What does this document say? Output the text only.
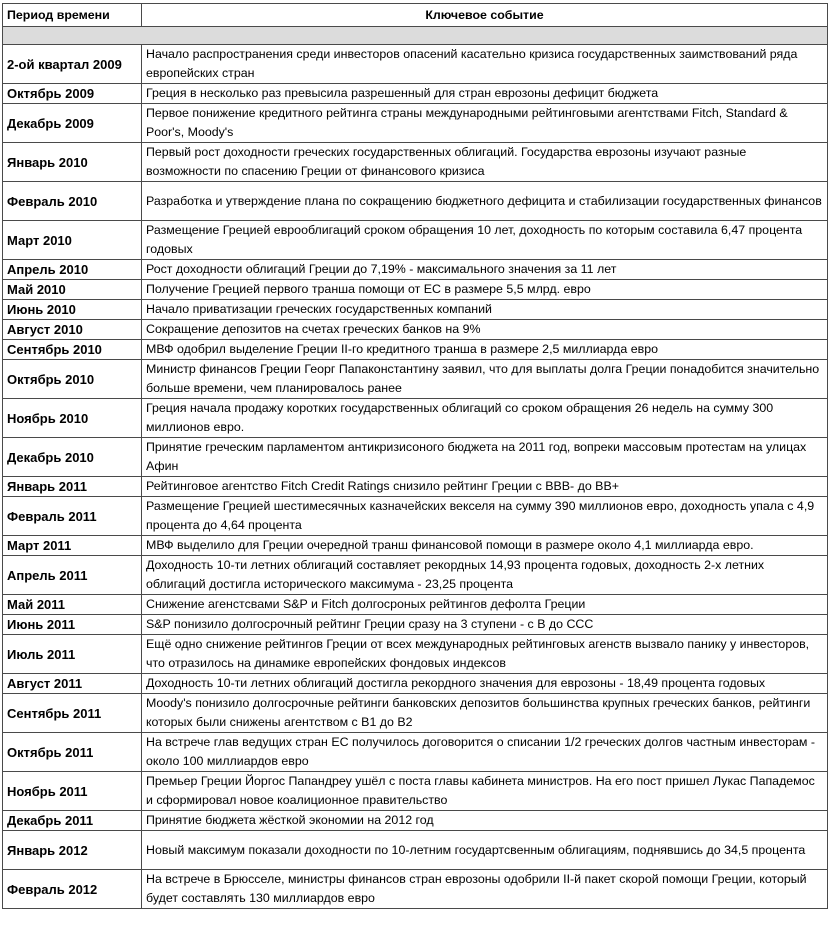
Период времени	Ключевое событие

2-ой квартал 2009	Начало распространения среди инвесторов опасений касательно кризиса государственных заимствований ряда европейских стран
Октябрь 2009	Греция в несколько раз превысила разрешенный для стран еврозоны дефицит бюджета
Декабрь 2009	Первое понижение кредитного рейтинга страны международными рейтинговыми агентствами Fitch, Standard & Poor's, Moody's
Январь 2010	Первый рост доходности греческих государственных облигаций. Государства еврозоны изучают разные возможности по спасению Греции от финансового кризиса
Февраль 2010	Разработка и утверждение плана по сокращению бюджетного дефицита и стабилизации государственных финансов
Март 2010	Размещение Грецией еврооблигаций сроком обращения 10 лет, доходность по которым составила 6,47 процента годовых
Апрель 2010	Рост доходности облигаций Греции до 7,19% - максимального значения за 11 лет
Май 2010	Получение Грецией первого транша помощи от ЕС в размере 5,5 млрд. евро
Июнь 2010	Начало приватизации греческих государственных компаний
Август 2010	Сокращение депозитов на счетах греческих банков на 9%
Сентябрь 2010	МВФ одобрил выделение Греции II-го кредитного транша в размере 2,5 миллиарда евро
Октябрь 2010	Министр финансов Греции Георг Папаконстантину заявил, что для выплаты долга Греции понадобится значительно больше времени, чем планировалось ранее
Ноябрь 2010	Греция начала продажу коротких государственных облигаций со сроком обращения 26 недель на сумму 300 миллионов евро.
Декабрь 2010	Принятие греческим парламентом антикризисоного бюджета на 2011 год, вопреки массовым протестам на улицах Афин
Январь 2011	Рейтинговое агентство Fitch Credit Ratings снизило рейтинг Греции с BBB- до BB+
Февраль 2011	Размещение Грецией шестимесячных казначейских векселя на сумму 390 миллионов евро, доходность упала с 4,9 процента до 4,64 процента
Март 2011	МВФ выделило для Греции очередной транш финансовой помощи в размере около 4,1 миллиарда евро.
Апрель 2011	Доходность 10-ти летних облигаций составляет рекордных 14,93 процента годовых, доходность 2-х летних облигаций достигла исторического максимума - 23,25 процента
Май 2011	Снижение агенстсвами S&P и Fitch долгосроных рейтингов дефолта Греции
Июнь 2011	S&P понизило долгосрочный рейтинг Греции сразу на 3 ступени - с B до CCC
Июль 2011	Ещё одно снижение рейтингов Греции от всех международных рейтинговых агенств вызвало панику у инвесторов, что отразилось на динамике европейских фондовых индексов
Август 2011	Доходность 10-ти летних облигаций достигла рекордного значения для еврозоны - 18,49 процента годовых
Сентябрь 2011	Moody's понизило долгосрочные рейтинги банковских депозитов большинства крупных греческих банков, рейтинги которых были снижены агентством с B1 до B2
Октябрь 2011	На встрече глав ведущих стран ЕС получилось договорится о списании 1/2 греческих долгов частным инвесторам - около 100 миллиардов евро
Ноябрь 2011	Премьер Греции Йоргос Папандреу ушёл с поста главы кабинета министров. На его пост пришел Лукас Пападемос и сформировал новое коалиционное правительство
Декабрь 2011	Принятие бюджета жёсткой экономии на 2012 год
Январь 2012	Новый максимум показали доходности по 10-летним государтсвенным облигациям, поднявшись до 34,5 процента
Февраль 2012	На встрече в Брюсселе, министры финансов стран еврозоны одобрили II-й пакет скорой помощи Греции, который будет составлять 130 миллиардов евро
